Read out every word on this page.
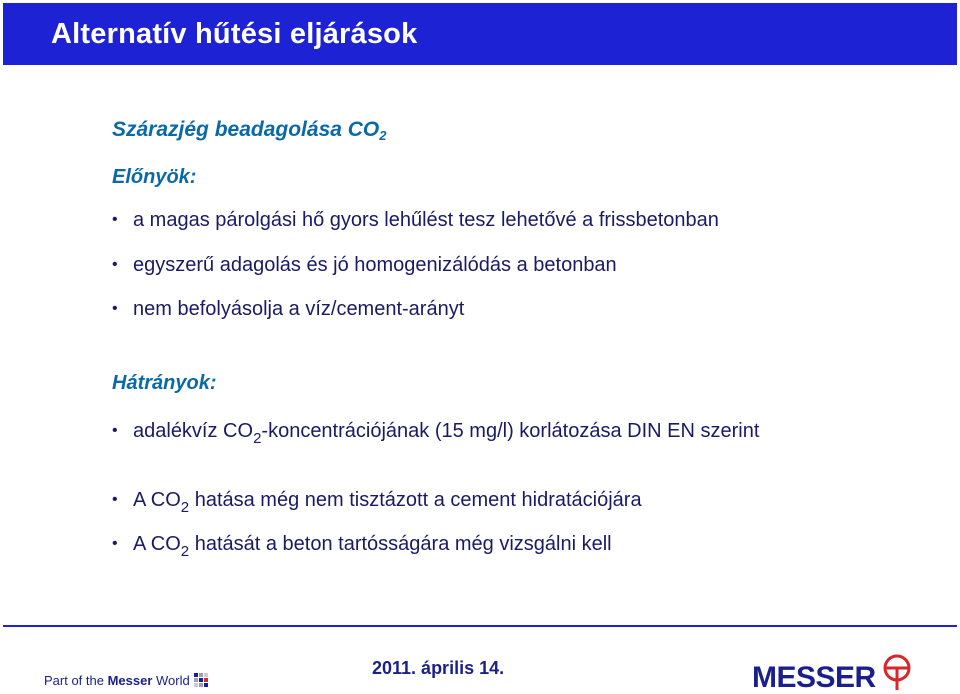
Alternatív hűtési eljárások
Szárazjég beadagolása $CO_2$
Előnyök:
• a magas párolgási hő gyors lehűlést tesz lehetővé a frissbetonban
• egyszerű adagolás és jó homogenizálódás a betonban
• nem befolyásolja a víz/cement-arányt
Hátrányok:
• adalékvíz $CO_2$-koncentrációjának (15 mg/l) korlátozása DIN EN szerint
• A $CO_2$ hatása még nem tisztázott a cement hidratációjára
• A $CO_2$ hatását a beton tartósságára még vizsgálni kell
Part of the Messer World
2011. április 14.	MESSER
